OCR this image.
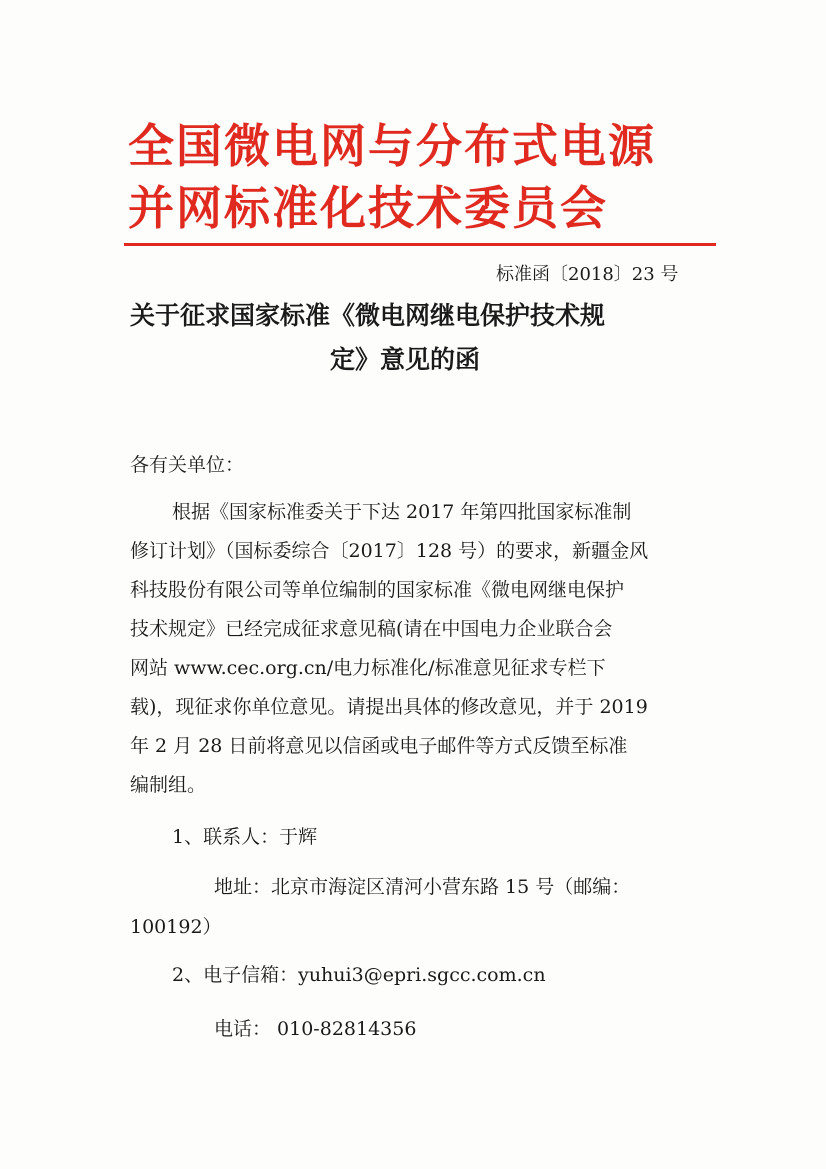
全国微电网与分布式电源
并网标准化技术委员会
标准函〔2018〕23 号
关于征求国家标准《微电网继电保护技术规
定》意见的函
各有关单位：
根据《国家标准委关于下达 2017 年第四批国家标准制
修订计划》（国标委综合〔2017〕128 号）的要求，新疆金风
科技股份有限公司等单位编制的国家标准《微电网继电保护
技术规定》已经完成征求意见稿(请在中国电力企业联合会
网站 www.cec.org.cn/电力标准化/标准意见征求专栏下
载)，现征求你单位意见。请提出具体的修改意见，并于 2019
年 2 月 28 日前将意见以信函或电子邮件等方式反馈至标准
编制组。
1、联系人：于辉
地址：北京市海淀区清河小营东路 15 号（邮编：
100192）
2、电子信箱：yuhui3@epri.sgcc.com.cn
电话： 010-82814356
